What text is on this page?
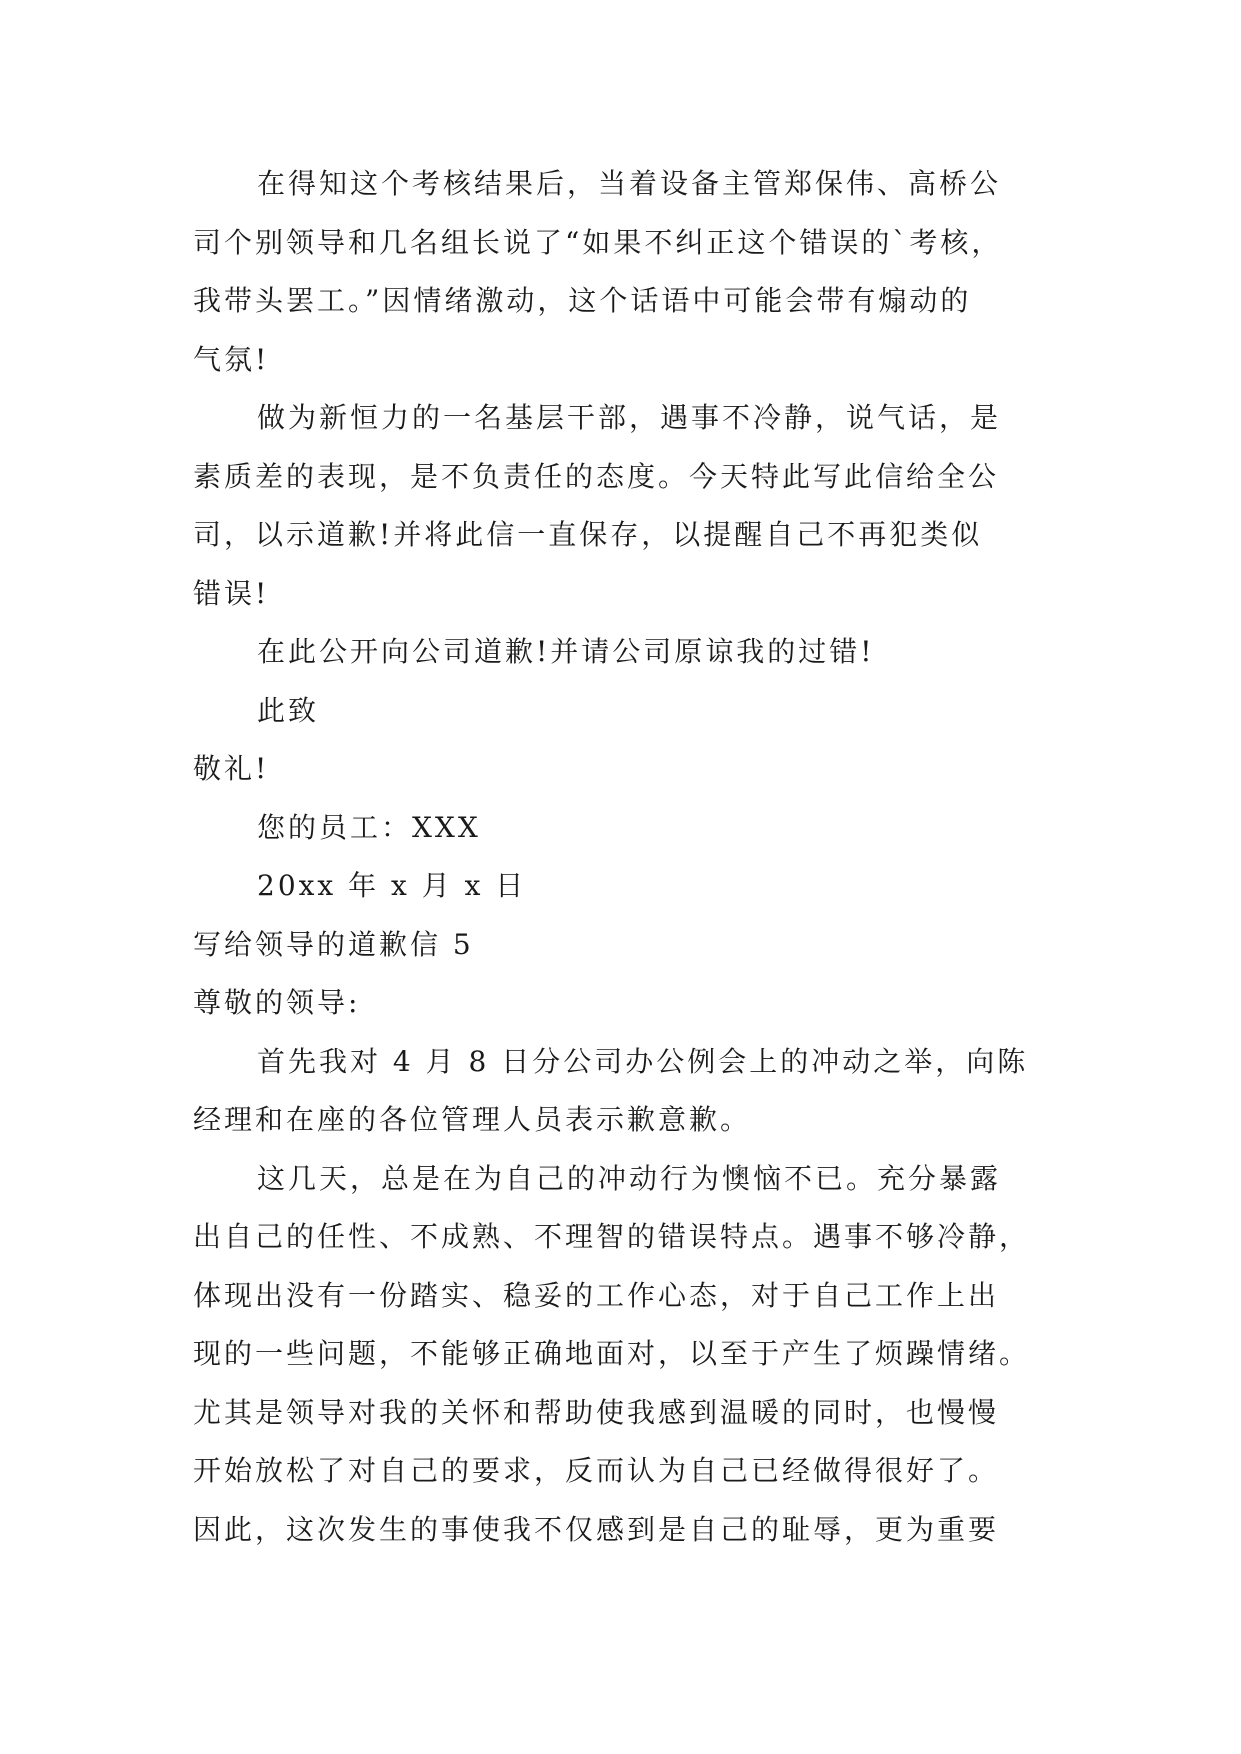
在得知这个考核结果后，当着设备主管郑保伟、高桥公
司个别领导和几名组长说了“如果不纠正这个错误的`考核，
我带头罢工。”因情绪激动，这个话语中可能会带有煽动的
气氛!
做为新恒力的一名基层干部，遇事不冷静，说气话，是
素质差的表现，是不负责任的态度。今天特此写此信给全公
司，以示道歉!并将此信一直保存，以提醒自己不再犯类似
错误!
在此公开向公司道歉!并请公司原谅我的过错!
此致
敬礼!
您的员工：XXX
20xx 年 x 月 x 日
写给领导的道歉信 5
尊敬的领导:
首先我对 4 月 8 日分公司办公例会上的冲动之举，向陈
经理和在座的各位管理人员表示歉意歉。
这几天，总是在为自己的冲动行为懊恼不已。充分暴露
出自己的任性、不成熟、不理智的错误特点。遇事不够冷静，
体现出没有一份踏实、稳妥的工作心态，对于自己工作上出
现的一些问题，不能够正确地面对，以至于产生了烦躁情绪。
尤其是领导对我的关怀和帮助使我感到温暖的同时，也慢慢
开始放松了对自己的要求，反而认为自己已经做得很好了。
因此，这次发生的事使我不仅感到是自己的耻辱，更为重要
